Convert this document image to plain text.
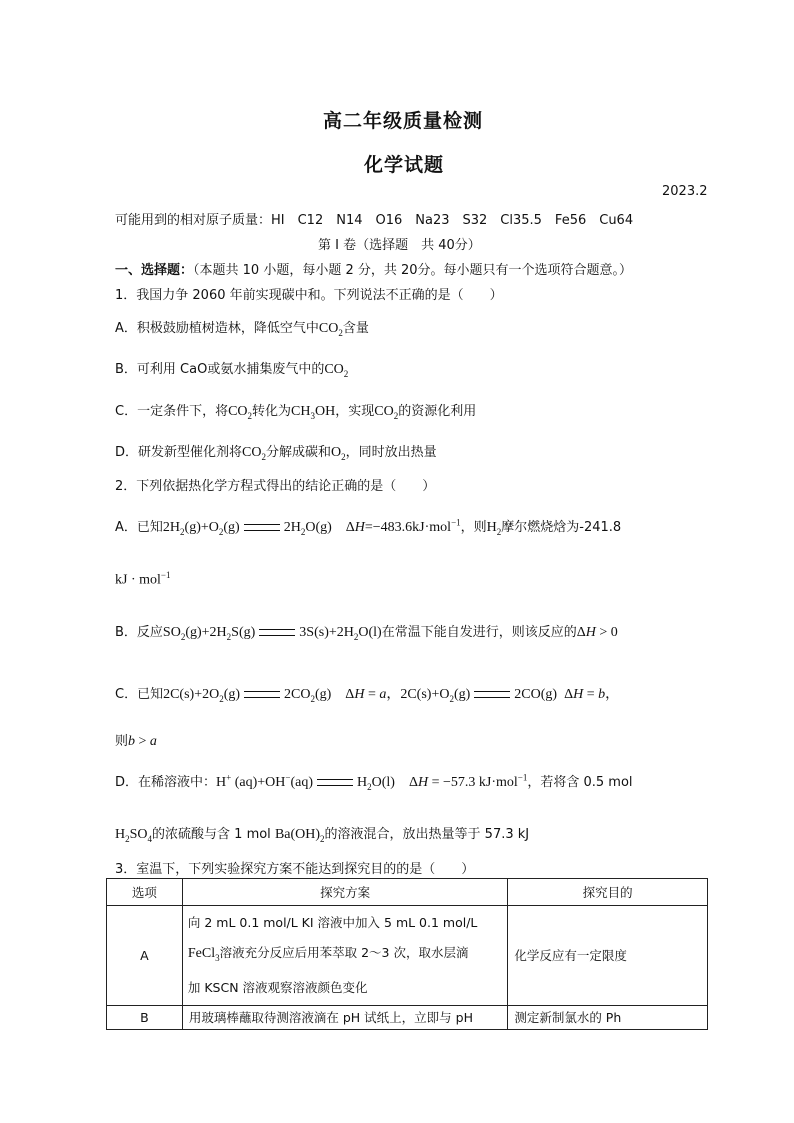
高二年级质量检测
化学试题
2023.2
可能用到的相对原子质量：HI　C12　N14　O16　Na23　S32　Cl35.5　Fe56　Cu64
第 I 卷（选择题　共 40分）
一、选择题：（本题共 10 小题，每小题 2 分，共 20分。每小题只有一个选项符合题意。）
1．我国力争 2060 年前实现碳中和。下列说法不正确的是（　　）
A．积极鼓励植树造林，降低空气中$CO_2$含量
B．可利用 CaO或氨水捕集废气中的$CO_2$
C．一定条件下，将$CO_2$转化为$CH_3OH$，实现$CO_2$的资源化利用
D．研发新型催化剂将$CO_2$分解成碳和$O_2$，同时放出热量
2．下列依据热化学方程式得出的结论正确的是（　　）
A．已知$2H_2(g)+O_2(g)$	$2H_2O(g)$    ΔH=−483.6kJ·mol$^{-1}$，则$H_2$摩尔燃烧焓为-241.8
kJ · mol$^{-1}$
B．反应$SO_2(g)+2H_2S(g)$	$3S(s)+2H_2O(l)$在常温下能自发进行，则该反应的ΔH > 0
C．已知$2C(s)+2O_2(g)$	$2CO_2(g)$    ΔH = a，$2C(s)+O_2(g)$	2CO(g)  ΔH = b，
则b > a
D．在稀溶液中：H+ (aq)+OH−(aq)	$H_2O(l)$    ΔH = −57.3 kJ·mol$^{-1}$，若将含 0.5 mol
$H_2SO_4$的浓硫酸与含 1 mol $Ba(OH)_2$的溶液混合，放出热量等于 57.3 kJ
3．室温下，下列实验探究方案不能达到探究目的的是（　　）
选项	探究方案	探究目的
A	向 2 mL 0.1 mol/L KI 溶液中加入 5 mL 0.1 mol/L
FeCl$_3$溶液充分反应后用苯萃取 2～3 次，取水层滴
加 KSCN 溶液观察溶液颜色变化	化学反应有一定限度
B	用玻璃棒蘸取待测溶液滴在 pH 试纸上，立即与 pH	测定新制氯水的 Ph
